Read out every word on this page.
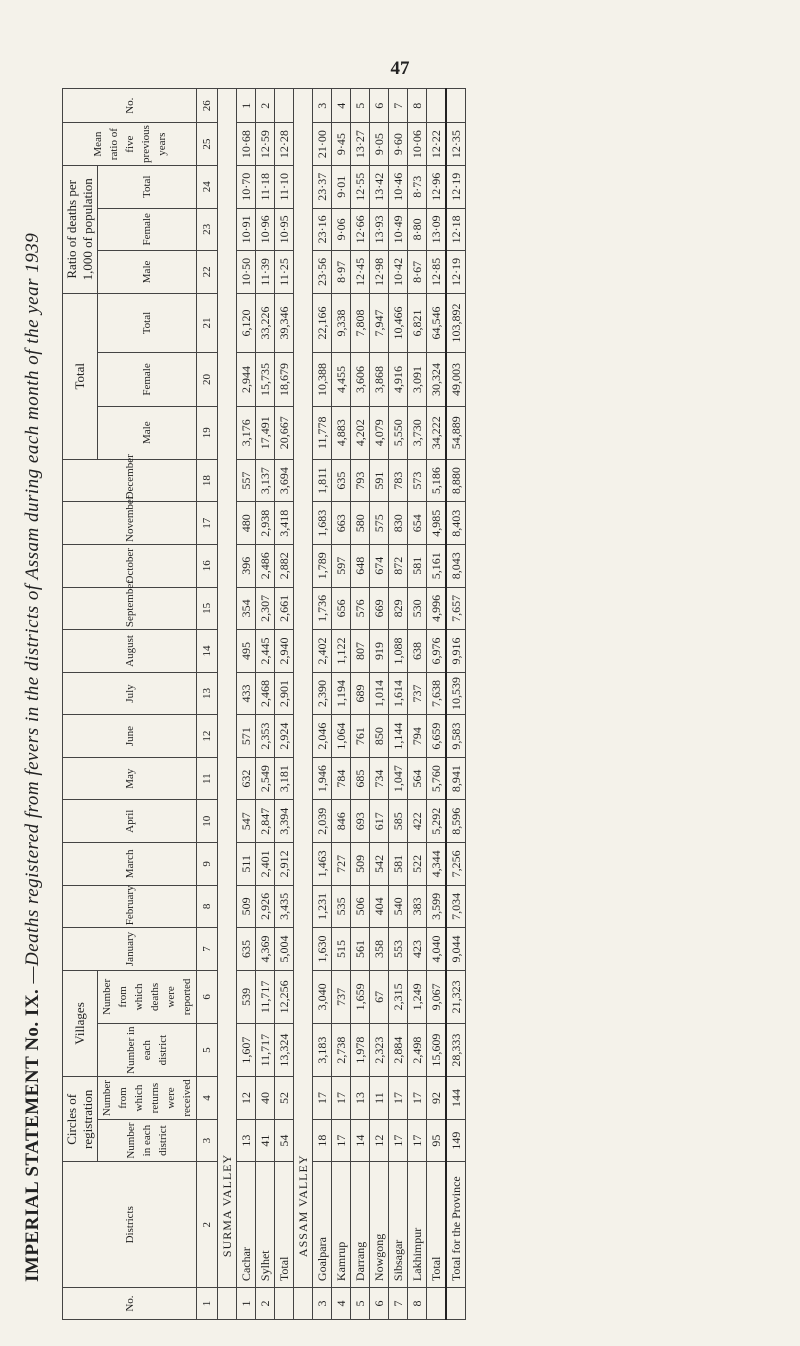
47
IMPERIAL STATEMENT No. IX. —Deaths registered from fevers in the districts of Assam during each month of the year 1939
No.	Districts	Circles of registration		Villages		January	February	March	April	May	June	July	August	September	October	November	December	Total			Ratio of deaths per 1,000 of population			Mean ratio of five previous years	No.
		Number in each district	Number from which returns were received	Number in each district	Number from which deaths were reported													Male	Female	Total	Male	Female	Total		
1	2	3	4	5	6	7	8	9	10	11	12	13	14	15	16	17	18	19	20	21	22	23	24	25	26
	SURMA VALLEY																								
1	Cachar	13	12	1,607	539	635	509	511	547	632	571	433	495	354	396	480	557	3,176	2,944	6,120	10·50	10·91	10·70	10·68	1
2	Sylhet	41	40	11,717	11,717	4,369	2,926	2,401	2,847	2,549	2,353	2,468	2,445	2,307	2,486	2,938	3,137	17,491	15,735	33,226	11·39	10·96	11·18	12·59	2
	Total	54	52	13,324	12,256	5,004	3,435	2,912	3,394	3,181	2,924	2,901	2,940	2,661	2,882	3,418	3,694	20,667	18,679	39,346	11·25	10·95	11·10	12·28	
	ASSAM VALLEY																								
3	Goalpara	18	17	3,183	3,040	1,630	1,231	1,463	2,039	1,946	2,046	2,390	2,402	1,736	1,789	1,683	1,811	11,778	10,388	22,166	23·56	23·16	23·37	21·00	3
4	Kamrup	17	17	2,738	737	515	535	727	846	784	1,064	1,194	1,122	656	597	663	635	4,883	4,455	9,338	8·97	9·06	9·01	9·45	4
5	Darrang	14	13	1,978	1,659	561	506	509	693	685	761	689	807	576	648	580	793	4,202	3,606	7,808	12·45	12·66	12·55	13·27	5
6	Nowgong	12	11	2,323	67	358	404	542	617	734	850	1,014	919	669	674	575	591	4,079	3,868	7,947	12·98	13·93	13·42	9·05	6
7	Sibsagar	17	17	2,884	2,315	553	540	581	585	1,047	1,144	1,614	1,088	829	872	830	783	5,550	4,916	10,466	10·42	10·49	10·46	9·60	7
8	Lakhimpur	17	17	2,498	1,249	423	383	522	422	564	794	737	638	530	581	654	573	3,730	3,091	6,821	8·67	8·80	8·73	10·06	8
	Total	95	92	15,609	9,067	4,040	3,599	4,344	5,292	5,760	6,659	7,638	6,976	4,996	5,161	4,985	5,186	34,222	30,324	64,546	12·85	13·09	12·96	12·22	
	Total for the Province	149	144	28,333	21,323	9,044	7,034	7,256	8,596	8,941	9,583	10,539	9,916	7,657	8,043	8,403	8,880	54,889	49,003	103,892	12·19	12·18	12·19	12·35	
